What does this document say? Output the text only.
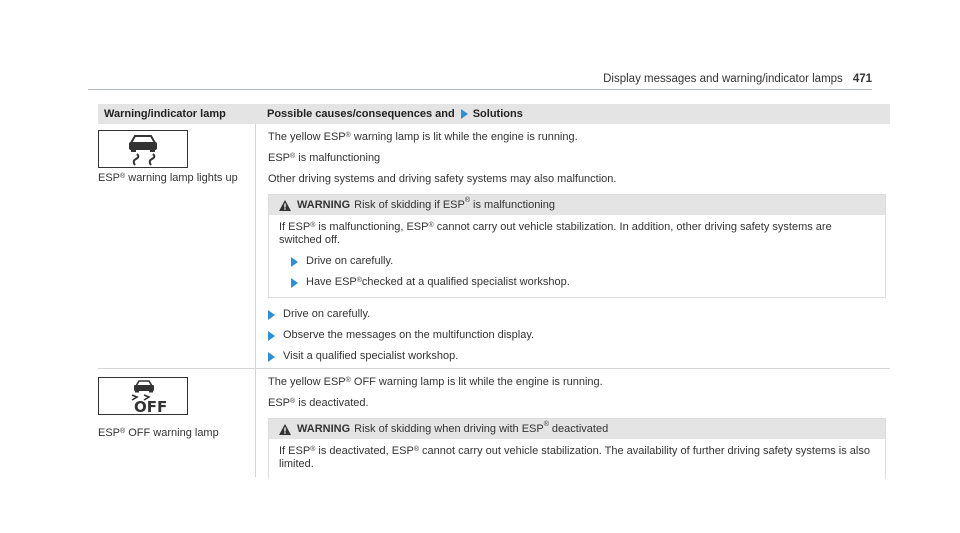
Display messages and warning/indicator lamps 471
Warning/indicator lamp	Possible causes/consequences and Solutions
ESP® warning lamp lights up
The yellow ESP® warning lamp is lit while the engine is running.
ESP® is malfunctioning
Other driving systems and driving safety systems may also malfunction.
WARNING Risk of skidding if ESP® is malfunctioning
If ESP® is malfunctioning, ESP® cannot carry out vehicle stabilization. In addition, other driving safety systems are switched off.
Drive on carefully.
Have ESP® checked at a qualified specialist workshop.
Drive on carefully.
Observe the messages on the multifunction display.
Visit a qualified specialist workshop.
OFF
ESP® OFF warning lamp
The yellow ESP® OFF warning lamp is lit while the engine is running.
ESP® is deactivated.
WARNING Risk of skidding when driving with ESP® deactivated
If ESP® is deactivated, ESP® cannot carry out vehicle stabilization. The availability of further driving safety systems is also limited.
